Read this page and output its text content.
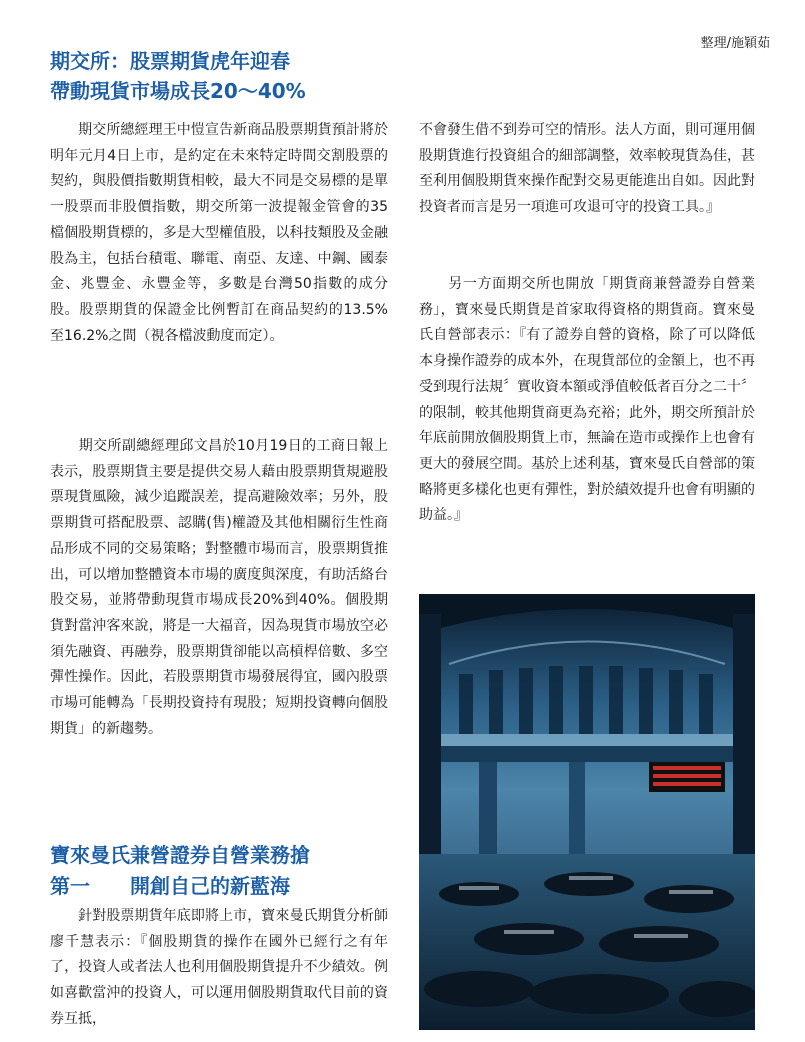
整理/施穎茹
期交所：股票期貨虎年迎春
帶動現貨市場成長20～40%

　　期交所總經理王中愷宣告新商品股票期貨預計將於明年元月4日上市，是約定在未來特定時間交割股票的契約，與股價指數期貨相較，最大不同是交易標的是單一股票而非股價指數，期交所第一波提報金管會的35檔個股期貨標的，多是大型權值股，以科技類股及金融股為主，包括台積電、聯電、南亞、友達、中鋼、國泰金、兆豐金、永豐金等，多數是台灣50指數的成分股。股票期貨的保證金比例暫訂在商品契約的13.5%至16.2%之間（視各檔波動度而定）。

　　期交所副總經理邱文昌於10月19日的工商日報上表示，股票期貨主要是提供交易人藉由股票期貨規避股票現貨風險，減少追蹤誤差，提高避險效率；另外，股票期貨可搭配股票、認購(售)權證及其他相關衍生性商品形成不同的交易策略；對整體市場而言，股票期貨推出，可以增加整體資本市場的廣度與深度，有助活絡台股交易，並將帶動現貨市場成長20%到40%。個股期貨對當沖客來說，將是一大福音，因為現貨市場放空必須先融資、再融券，股票期貨卻能以高槓桿倍數、多空彈性操作。因此，若股票期貨市場發展得宜，國內股票市場可能轉為「長期投資持有現股；短期投資轉向個股期貨」的新趨勢。

寶來曼氏兼營證券自營業務搶
第一　　開創自己的新藍海

　　針對股票期貨年底即將上市，寶來曼氏期貨分析師廖千慧表示：『個股期貨的操作在國外已經行之有年了，投資人或者法人也利用個股期貨提升不少績效。例如喜歡當沖的投資人，可以運用個股期貨取代目前的資券互抵，

不會發生借不到券可空的情形。法人方面，則可運用個股期貨進行投資組合的細部調整，效率較現貨為佳，甚至利用個股期貨來操作配對交易更能進出自如。因此對投資者而言是另一項進可攻退可守的投資工具。』

　　另一方面期交所也開放「期貨商兼營證券自營業務」，寶來曼氏期貨是首家取得資格的期貨商。寶來曼氏自營部表示：『有了證券自營的資格，除了可以降低本身操作證券的成本外，在現貨部位的金額上，也不再受到現行法規〞實收資本額或淨值較低者百分之二十〞的限制，較其他期貨商更為充裕；此外，期交所預計於年底前開放個股期貨上市，無論在造市或操作上也會有更大的發展空間。基於上述利基，寶來曼氏自營部的策略將更多樣化也更有彈性，對於績效提升也會有明顯的助益。』
